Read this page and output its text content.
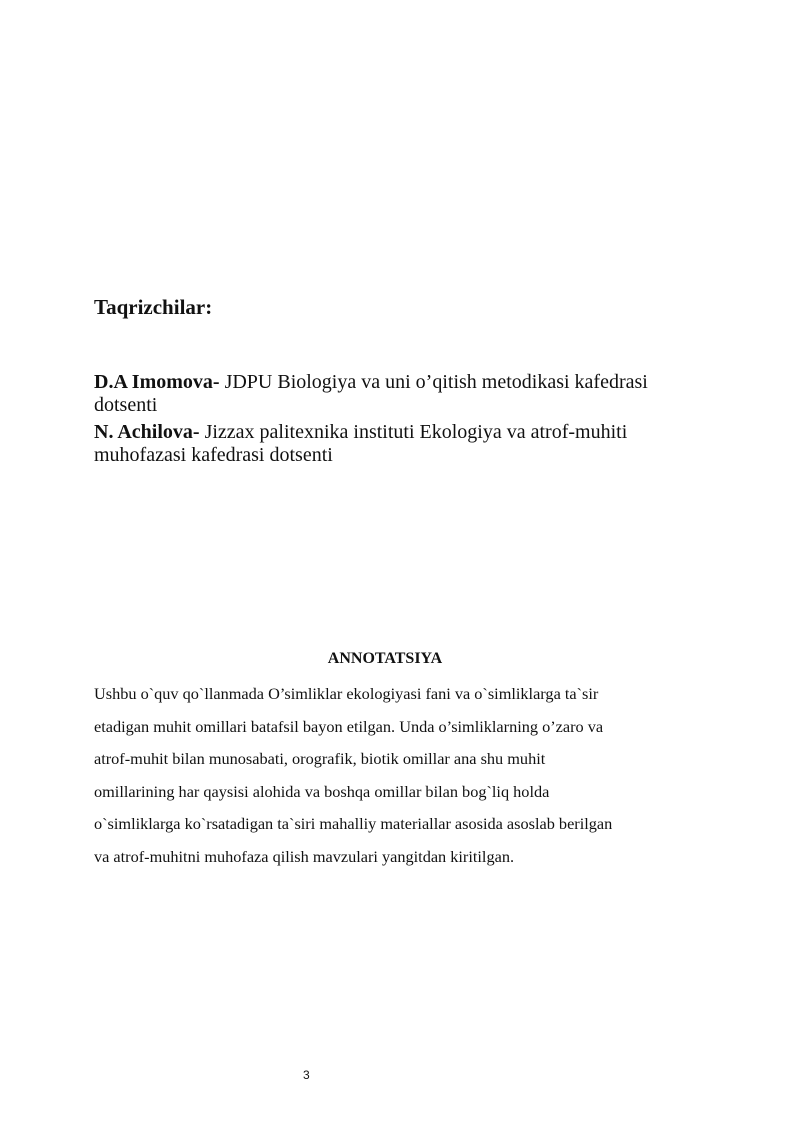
Taqrizchilar:

D.A Imomova- JDPU Biologiya va uni o’qitish metodikasi kafedrasi
dotsenti

N. Achilova- Jizzax palitexnika instituti Ekologiya va atrof-muhiti
muhofazasi kafedrasi dotsenti

ANNOTATSIYA
Ushbu o`quv qo`llanmada O’simliklar ekologiyasi fani va o`simliklarga ta`sir
etadigan muhit omillari batafsil bayon etilgan. Unda o’simliklarning o’zaro va
atrof-muhit bilan munosabati, orografik, biotik omillar ana shu muhit
omillarining har qaysisi alohida va boshqa omillar bilan bog`liq holda
o`simliklarga ko`rsatadigan ta`siri mahalliy materiallar asosida asoslab berilgan
va atrof-muhitni muhofaza qilish mavzulari yangitdan kiritilgan.
3
